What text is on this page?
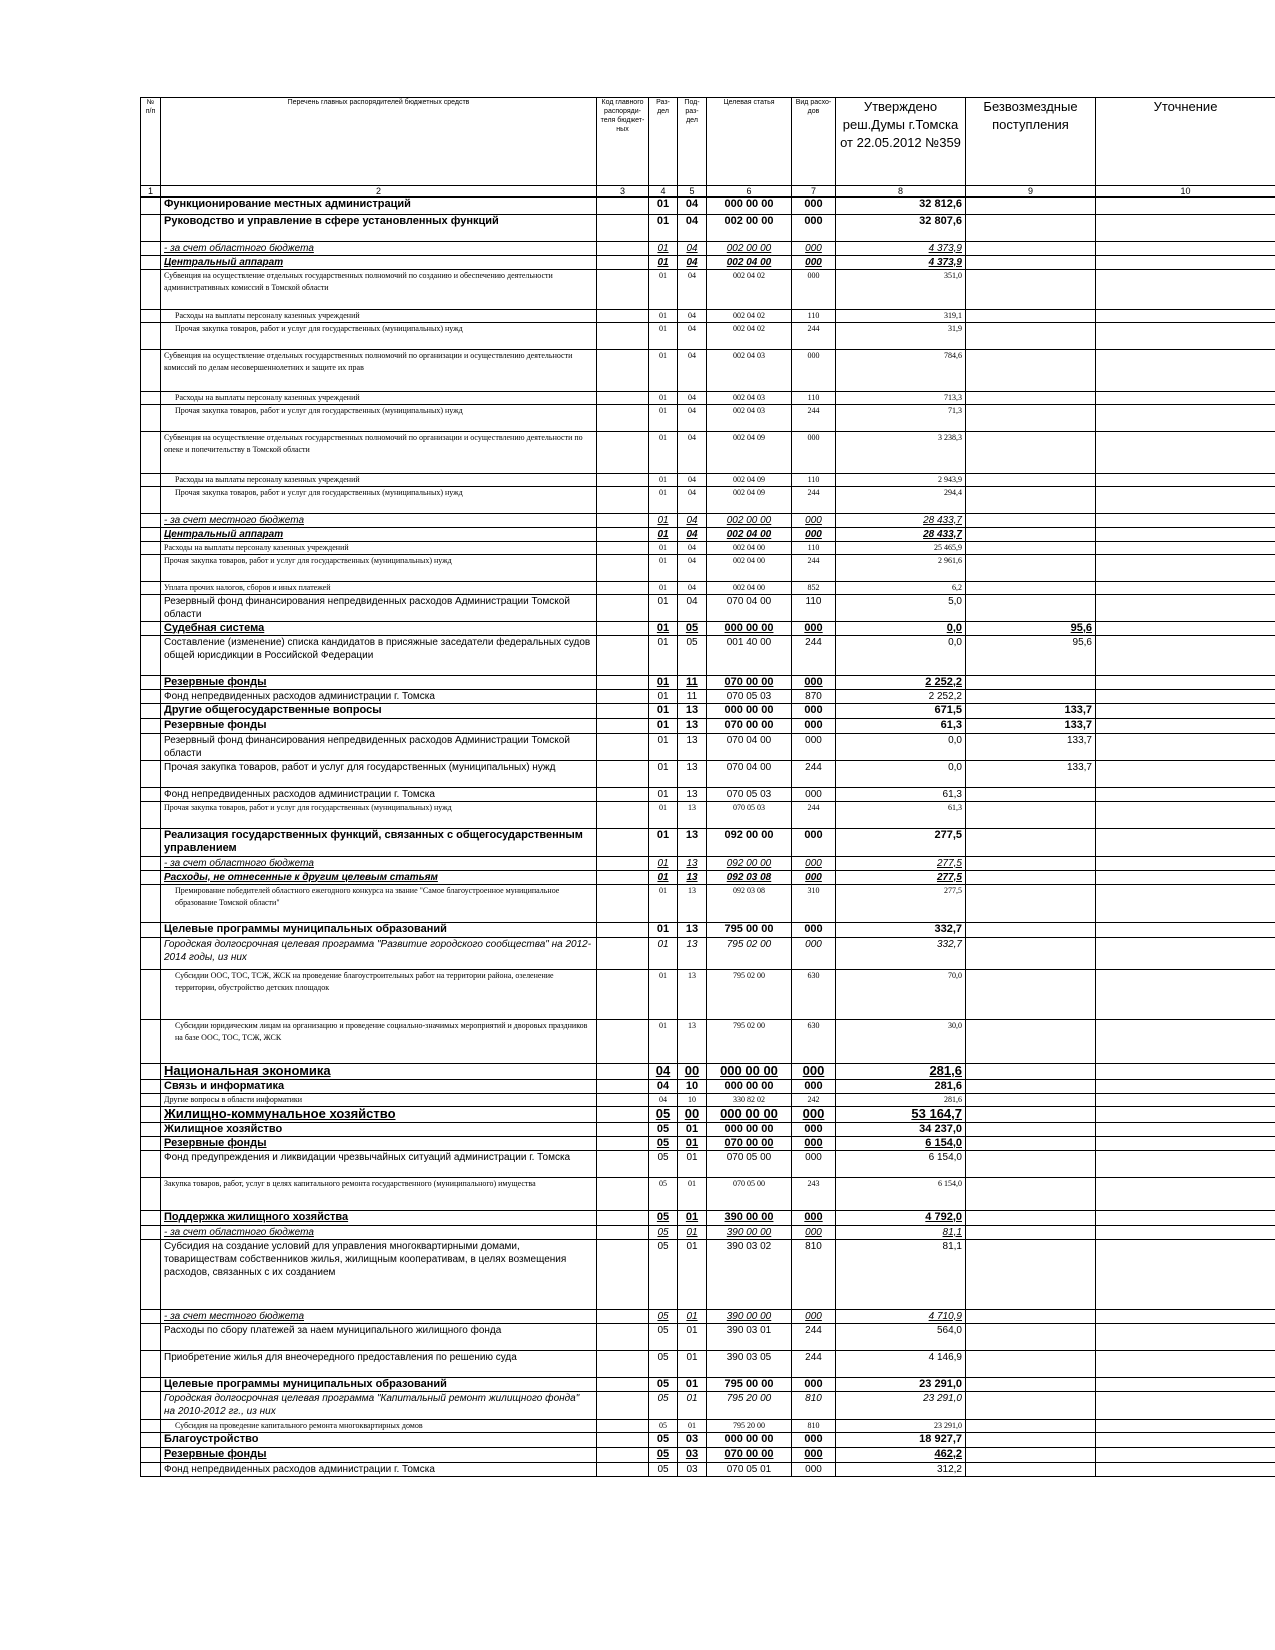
№ п/п	Перечень главных распорядителей бюджетных средств	Код главного распоряди-теля бюджет-ных	Раз-дел	Под-раз-дел	Целевая статья	Вид расхо-дов	Утверждено реш.Думы г.Томска от 22.05.2012 №359	Безвозмездные поступления	Уточнение
1	2	3	4	5	6	7	8	9	10
	Функционирование местных администраций		01	04	000 00 00	000	32 812,6		
	Руководство и управление в сфере установленных функций		01	04	002 00 00	000	32 807,6		
	- за счет областного бюджета		01	04	002 00 00	000	4 373,9		
	Центральный аппарат		01	04	002 04 00	000	4 373,9		
	Субвенция на осуществление отдельных государственных полномочий по созданию и обеспечению деятельности административных комиссий в Томской области		01	04	002 04 02	000	351,0		
	Расходы на выплаты персоналу казенных учреждений		01	04	002 04 02	110	319,1		
	Прочая закупка товаров, работ и услуг для государственных (муниципальных) нужд		01	04	002 04 02	244	31,9		
	Субвенция на осуществление отдельных государственных полномочий по организации и осуществлению деятельности комиссий по делам несовершеннолетних и защите их прав		01	04	002 04 03	000	784,6		
	Расходы на выплаты персоналу казенных учреждений		01	04	002 04 03	110	713,3		
	Прочая закупка товаров, работ и услуг для государственных (муниципальных) нужд		01	04	002 04 03	244	71,3		
	Субвенция на осуществление отдельных государственных полномочий по организации и осуществлению деятельности по опеке и попечительству в Томской области		01	04	002 04 09	000	3 238,3		
	Расходы на выплаты персоналу казенных учреждений		01	04	002 04 09	110	2 943,9		
	Прочая закупка товаров, работ и услуг для государственных (муниципальных) нужд		01	04	002 04 09	244	294,4		
	- за счет местного бюджета		01	04	002 00 00	000	28 433,7		
	Центральный аппарат		01	04	002 04 00	000	28 433,7		
	Расходы на выплаты персоналу казенных учреждений		01	04	002 04 00	110	25 465,9		
	Прочая закупка товаров, работ и услуг для государственных (муниципальных) нужд		01	04	002 04 00	244	2 961,6		
	Уплата прочих налогов, сборов и иных платежей		01	04	002 04 00	852	6,2		
	Резервный фонд финансирования непредвиденных расходов Администрации Томской области		01	04	070 04 00	110	5,0		
	Судебная система		01	05	000 00 00	000	0,0	95,6	
	Составление (изменение) списка кандидатов в присяжные заседатели федеральных судов общей юрисдикции в Российской Федерации		01	05	001 40 00	244	0,0	95,6	
	Резервные фонды		01	11	070 00 00	000	2 252,2		
	Фонд непредвиденных расходов администрации г. Томска		01	11	070 05 03	870	2 252,2		
	Другие общегосударственные вопросы		01	13	000 00 00	000	671,5	133,7	
	Резервные фонды		01	13	070 00 00	000	61,3	133,7	
	Резервный фонд финансирования непредвиденных расходов Администрации Томской области		01	13	070 04 00	000	0,0	133,7	
	Прочая закупка товаров, работ и услуг для государственных (муниципальных) нужд		01	13	070 04 00	244	0,0	133,7	
	Фонд непредвиденных расходов администрации г. Томска		01	13	070 05 03	000	61,3		
	Прочая закупка товаров, работ и услуг для государственных (муниципальных) нужд		01	13	070 05 03	244	61,3		
	Реализация государственных функций, связанных с общегосударственным управлением		01	13	092 00 00	000	277,5		
	- за счет областного бюджета		01	13	092 00 00	000	277,5		
	Расходы, не отнесенные к другим целевым статьям		01	13	092 03 08	000	277,5		
	Премирование победителей областного ежегодного конкурса на звание "Самое благоустроенное муниципальное образование Томской области"		01	13	092 03 08	310	277,5		
	Целевые программы муниципальных образований		01	13	795 00 00	000	332,7		
	Городская долгосрочная целевая программа "Развитие городского сообщества" на 2012-2014 годы, из них		01	13	795 02 00	000	332,7		
	Субсидии ООС, ТОС, ТСЖ, ЖСК на проведение благоустроительных работ на территории района, озеленение территории, обустройство детских площадок		01	13	795 02 00	630	70,0		
	Субсидии юридическим лицам на организацию и проведение социально-значимых мероприятий и дворовых праздников на базе ООС, ТОС, ТСЖ, ЖСК		01	13	795 02 00	630	30,0		
	Национальная экономика		04	00	000 00 00	000	281,6		
	Связь и информатика		04	10	000 00 00	000	281,6		
	Другие вопросы в области информатики		04	10	330 82 02	242	281,6		
	Жилищно-коммунальное хозяйство		05	00	000 00 00	000	53 164,7		
	Жилищное хозяйство		05	01	000 00 00	000	34 237,0		
	Резервные фонды		05	01	070 00 00	000	6 154,0		
	Фонд предупреждения и ликвидации чрезвычайных ситуаций администрации г. Томска		05	01	070 05 00	000	6 154,0		
	Закупка товаров, работ, услуг в целях капитального ремонта государственного (муниципального) имущества		05	01	070 05 00	243	6 154,0		
	Поддержка жилищного хозяйства		05	01	390 00 00	000	4 792,0		
	- за счет областного бюджета		05	01	390 00 00	000	81,1		
	Субсидия на создание условий для управления многоквартирными домами, товариществам собственников жилья, жилищным кооперативам, в целях возмещения расходов, связанных с их созданием		05	01	390 03 02	810	81,1		
	- за счет местного бюджета		05	01	390 00 00	000	4 710,9		
	Расходы по сбору платежей за наем муниципального жилищного фонда		05	01	390 03 01	244	564,0		
	Приобретение жилья для внеочередного предоставления по решению суда		05	01	390 03 05	244	4 146,9		
	Целевые программы муниципальных образований		05	01	795 00 00	000	23 291,0		
	Городская долгосрочная целевая программа "Капитальный ремонт жилищного фонда" на 2010-2012 гг., из них		05	01	795 20 00	810	23 291,0		
	Субсидия на проведение капитального ремонта многоквартирных домов		05	01	795 20 00	810	23 291,0		
	Благоустройство		05	03	000 00 00	000	18 927,7		
	Резервные фонды		05	03	070 00 00	000	462,2		
	Фонд непредвиденных расходов администрации г. Томска		05	03	070 05 01	000	312,2		
